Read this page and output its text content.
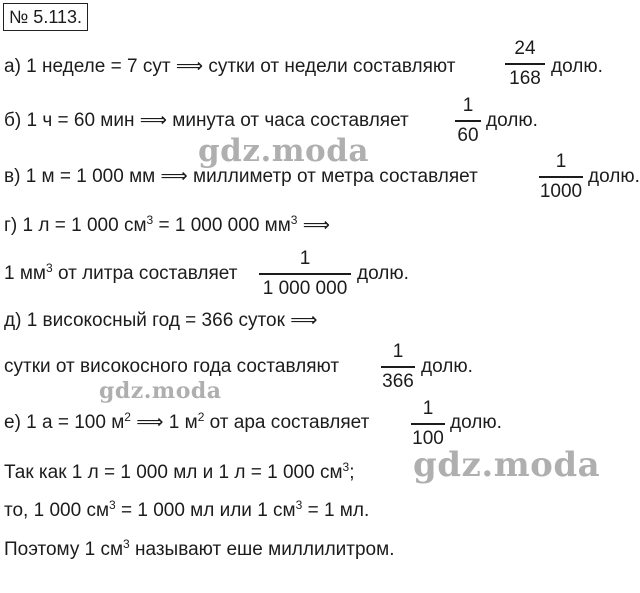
№ 5.113.
а) 1 неделе = 7 сут ⟹ сутки от недели составляют
24
168
долю.
б) 1 ч = 60 мин ⟹ минута от часа составляет
1
60
долю.
в) 1 м = 1 000 мм ⟹ миллиметр от метра составляет
1
1000
долю.
г) 1 л = 1 000 $см^3 = 1$ 000 000 $мм^3$ ⟹
1 $мм^3$ от литра составляет
1
1 000 000
долю.
д) 1 високосный год = 366 суток ⟹
сутки от високосного года составляют
1
366
долю.
е) 1 а = 100 $м^2$ ⟹ 1 $м^2$ от ара составляет
1
100
долю.
Так как 1 л = 1 000 мл и 1 л = 1 000 $см^3$;
то, 1 000 $см^3 = 1$ 000 мл или 1 $см^3 = 1$ мл.
Поэтому 1 $см^3$ называют еше миллилитром.
gdz.moda
gdz.moda
gdz.moda
